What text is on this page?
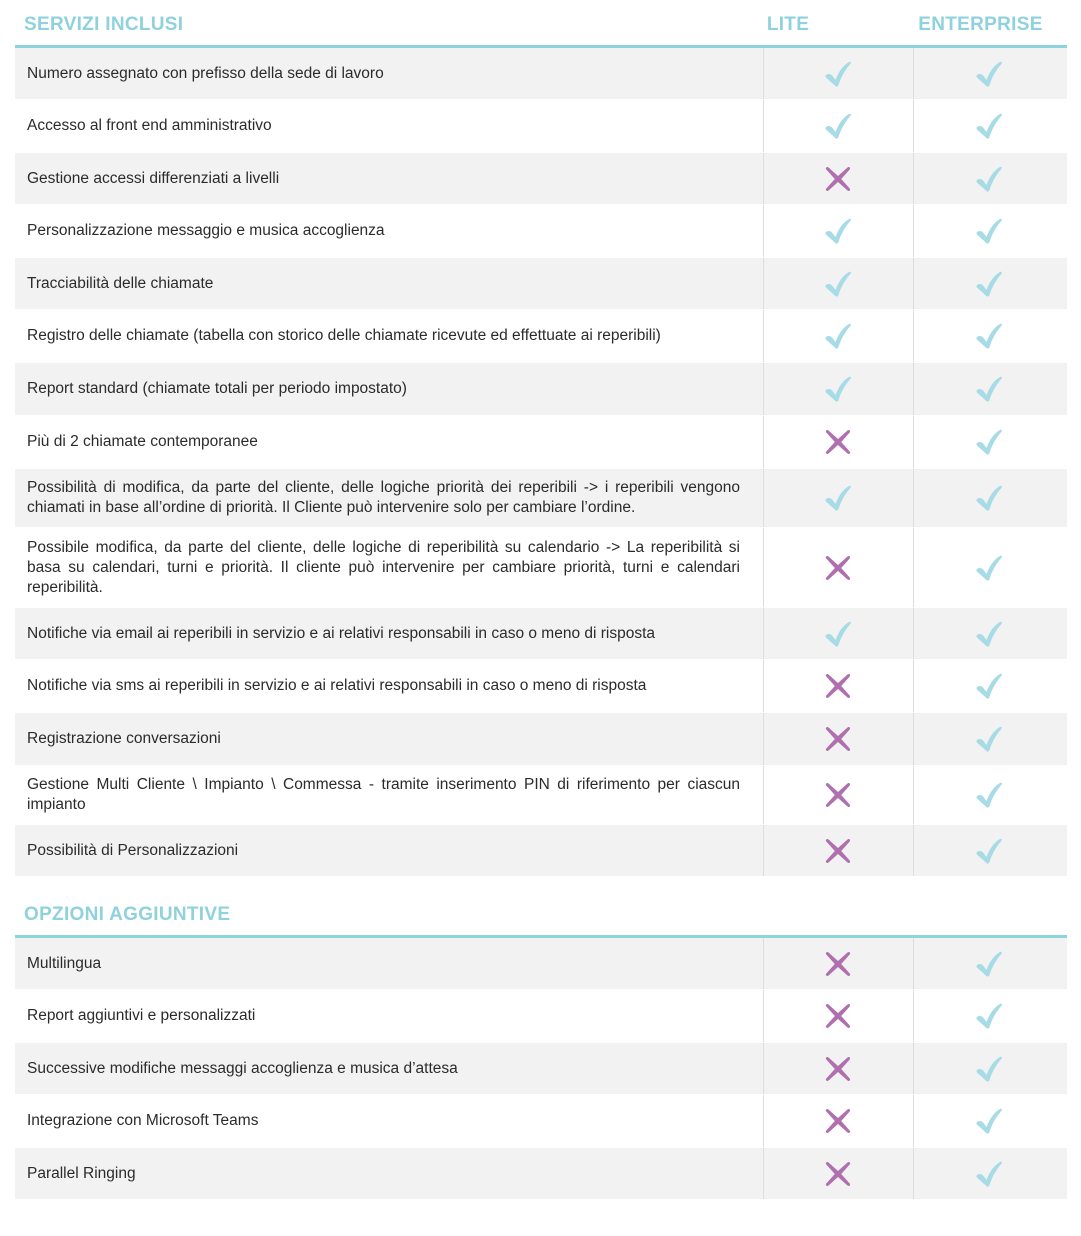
SERVIZI INCLUSI	LITE	ENTERPRISE
Numero assegnato con prefisso della sede di lavoro
Accesso al front end amministrativo
Gestione accessi differenziati a livelli
Personalizzazione messaggio e musica accoglienza
Tracciabilità delle chiamate
Registro delle chiamate (tabella con storico delle chiamate ricevute ed effettuate ai reperibili)
Report standard (chiamate totali per periodo impostato)
Più di 2 chiamate contemporanee
Possibilità di modifica, da parte del cliente, delle logiche priorità dei reperibili -> i reperibili vengono chiamati in base all’ordine di priorità. Il Cliente può intervenire solo per cambiare l’ordine.
Possibile modifica, da parte del cliente, delle logiche di reperibilità su calendario -> La reperibilità si basa su calendari, turni e priorità. Il cliente può intervenire per cambiare priorità, turni e calendari reperibilità.
Notifiche via email ai reperibili in servizio e ai relativi responsabili in caso o meno di risposta
Notifiche via sms ai reperibili in servizio e ai relativi responsabili in caso o meno di risposta
Registrazione conversazioni
Gestione Multi Cliente \ Impianto \ Commessa - tramite inserimento PIN di riferimento per ciascun impianto
Possibilità di Personalizzazioni
OPZIONI AGGIUNTIVE
Multilingua
Report aggiuntivi e personalizzati
Successive modifiche messaggi accoglienza e musica d’attesa
Integrazione con Microsoft Teams
Parallel Ringing
